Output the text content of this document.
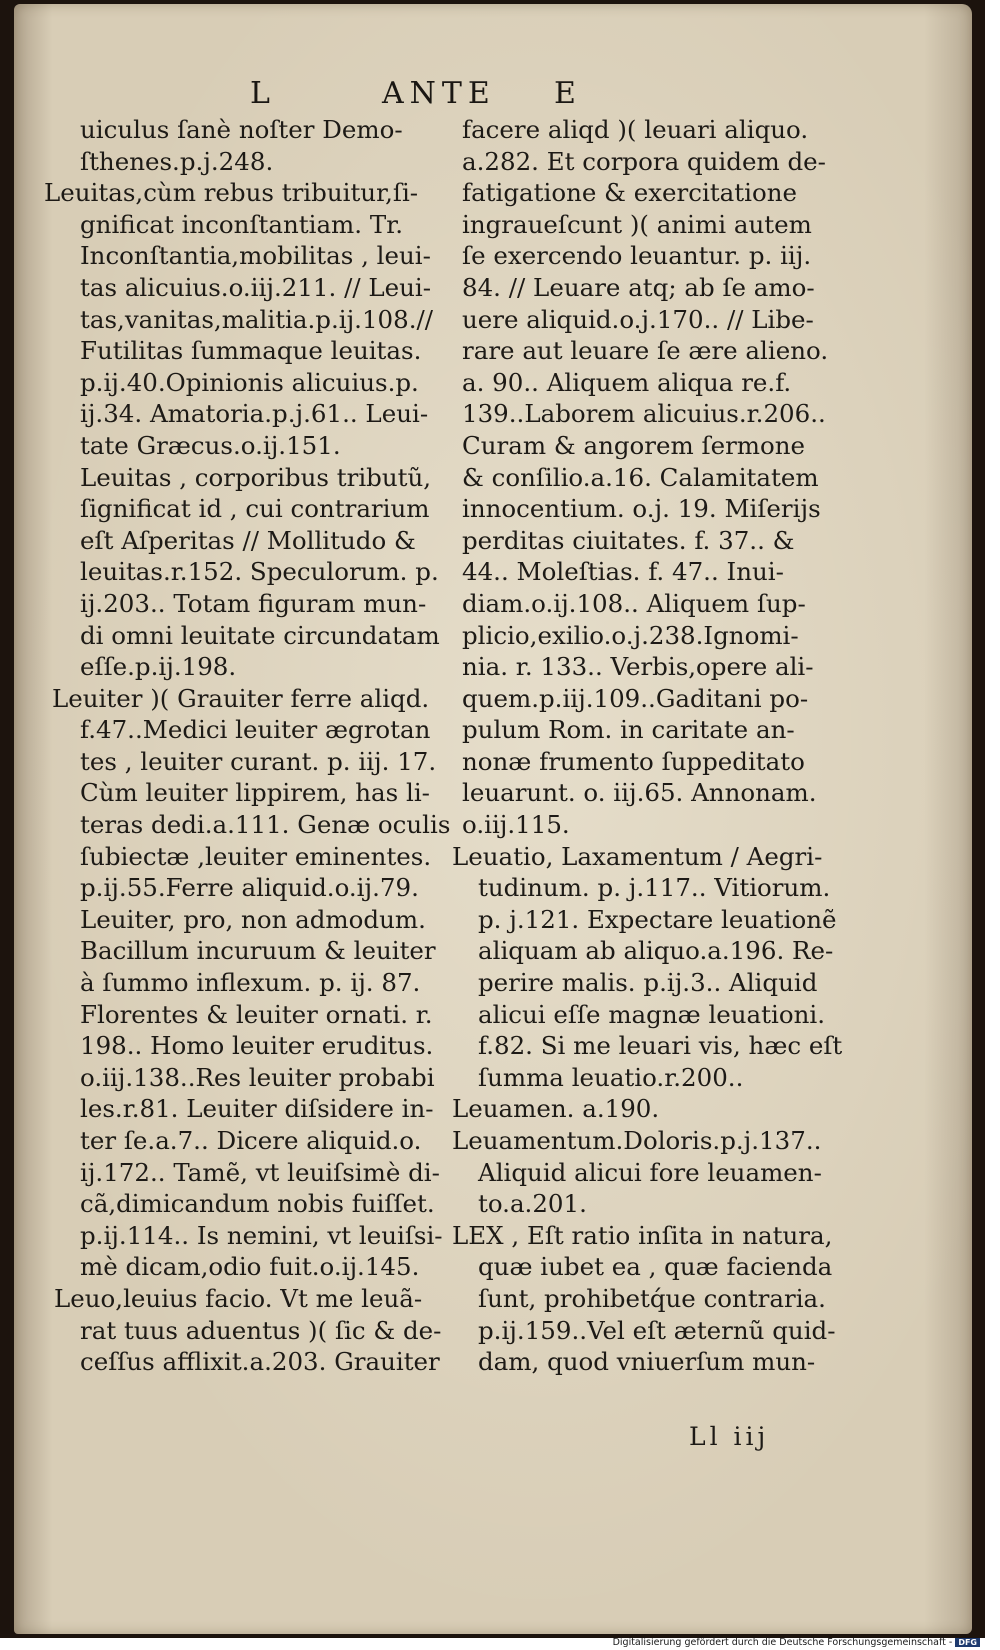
L	ANTE E
uiculus ſanè noſter Demo-
ſthenes.p.j.248.
Leuitas,cùm rebus tribuitur,ſi-
gnificat inconſtantiam. Tr.
Inconſtantia,mobilitas , leui-
tas alicuius.o.iij.211. // Leui-
tas,vanitas,malitia.p.ij.108.//
Futilitas ſummaque leuitas.
p.ij.40.Opinionis alicuius.p.
ij.34. Amatoria.p.j.61.. Leui-
tate Græcus.o.ij.151.
Leuitas , corporibus tributũ,
ſignificat id , cui contrarium
eſt Aſperitas // Mollitudo &
leuitas.r.152. Speculorum. p.
ij.203.. Totam figuram mun-
di omni leuitate circundatam
eſſe.p.ij.198.
Leuiter )( Grauiter ferre aliqd.
f.47..Medici leuiter ægrotan
tes , leuiter curant. p. iij. 17.
Cùm leuiter lippirem, has li-
teras dedi.a.111. Genæ oculis
ſubiectæ ,leuiter eminentes.
p.ij.55.Ferre aliquid.o.ij.79.
Leuiter, pro, non admodum.
Bacillum incuruum & leuiter
à ſummo inflexum. p. ij. 87.
Florentes & leuiter ornati. r.
198.. Homo leuiter eruditus.
o.iij.138..Res leuiter probabi
les.r.81. Leuiter diſsidere in-
ter ſe.a.7.. Dicere aliquid.o.
ij.172.. Tamẽ, vt leuiſsimè di-
cã,dimicandum nobis fuiſſet.
p.ij.114.. Is nemini, vt leuiſsi-
mè dicam,odio fuit.o.ij.145.
Leuo,leuius facio. Vt me leuã-
rat tuus aduentus )( ſic & de-
ceſſus afflixit.a.203. Grauiter
facere aliqd )( leuari aliquo.
a.282. Et corpora quidem de-
fatigatione & exercitatione
ingraueſcunt )( animi autem
ſe exercendo leuantur. p. iij.
84. // Leuare atq; ab ſe amo-
uere aliquid.o.j.170.. // Libe-
rare aut leuare ſe ære alieno.
a. 90.. Aliquem aliqua re.f.
139..Laborem alicuius.r.206..
Curam & angorem ſermone
& conſilio.a.16. Calamitatem
innocentium. o.j. 19. Miſerijs
perditas ciuitates. f. 37.. &
44.. Moleſtias. f. 47.. Inui-
diam.o.ij.108.. Aliquem ſup-
plicio,exilio.o.j.238.Ignomi-
nia. r. 133.. Verbis,opere ali-
quem.p.iij.109..Gaditani po-
pulum Rom. in caritate an-
nonæ frumento ſuppeditato
leuarunt. o. iij.65. Annonam.
o.iij.115.
Leuatio, Laxamentum / Aegri-
tudinum. p. j.117.. Vitiorum.
p. j.121. Expectare leuationẽ
aliquam ab aliquo.a.196. Re-
perire malis. p.ij.3.. Aliquid
alicui eſſe magnæ leuationi.
f.82. Si me leuari vis, hæc eſt
ſumma leuatio.r.200..
Leuamen. a.190.
Leuamentum.Doloris.p.j.137..
Aliquid alicui fore leuamen-
to.a.201.
LEX , Eſt ratio inſita in natura,
quæ iubet ea , quæ facienda
ſunt, prohibetq́ue contraria.
p.ij.159..Vel eſt æternũ quid-
dam, quod vniuerſum mun-
Ll iij
Digitalisierung gefördert durch die Deutsche Forschungsgemeinschaft - DFG
